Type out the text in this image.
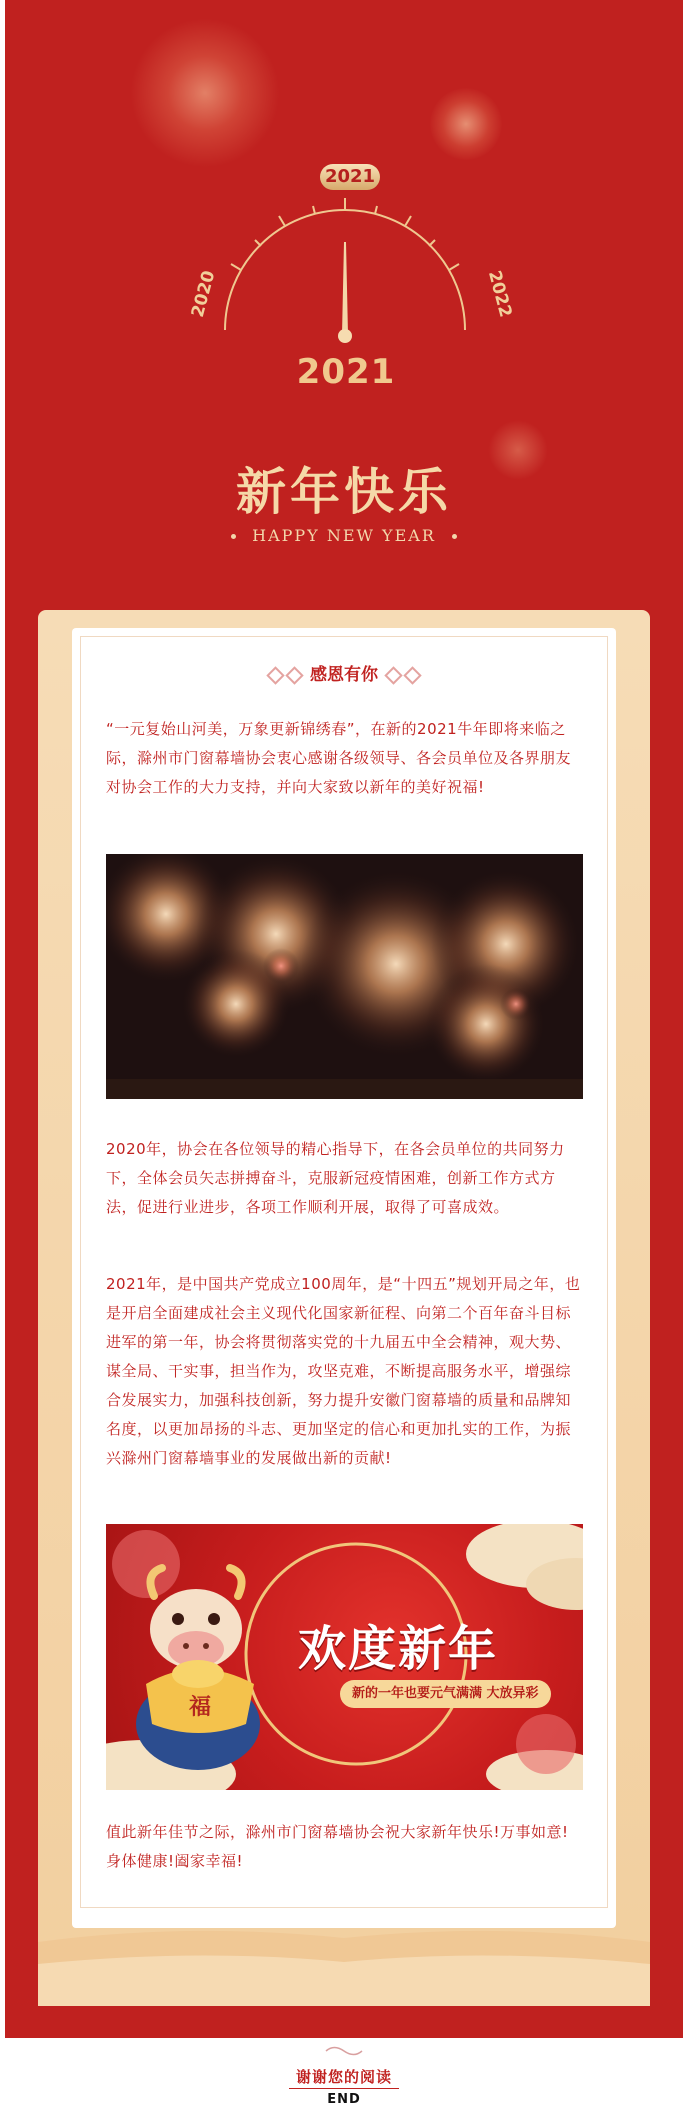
2021
2020	2022
2021
新年快乐
HAPPY NEW YEAR
感恩有你
“一元复始山河美，万象更新锦绣春”，在新的2021牛年即将来临之际，滁州市门窗幕墙协会衷心感谢各级领导、各会员单位及各界朋友对协会工作的大力支持，并向大家致以新年的美好祝福!
2020年，协会在各位领导的精心指导下，在各会员单位的共同努力下，全体会员矢志拼搏奋斗，克服新冠疫情困难，创新工作方式方法，促进行业进步，各项工作顺利开展，取得了可喜成效。
2021年，是中国共产党成立100周年，是“十四五”规划开局之年，也是开启全面建成社会主义现代化国家新征程、向第二个百年奋斗目标进军的第一年，协会将贯彻落实党的十九届五中全会精神，观大势、谋全局、干实事，担当作为，攻坚克难，不断提高服务水平，增强综合发展实力，加强科技创新，努力提升安徽门窗幕墙的质量和品牌知名度，以更加昂扬的斗志、更加坚定的信心和更加扎实的工作，为振兴滁州门窗幕墙事业的发展做出新的贡献!
福
欢度新年
新的一年也要元气满满 大放异彩
值此新年佳节之际，滁州市门窗幕墙协会祝大家新年快乐!万事如意!身体健康!阖家幸福!
谢谢您的阅读
END
